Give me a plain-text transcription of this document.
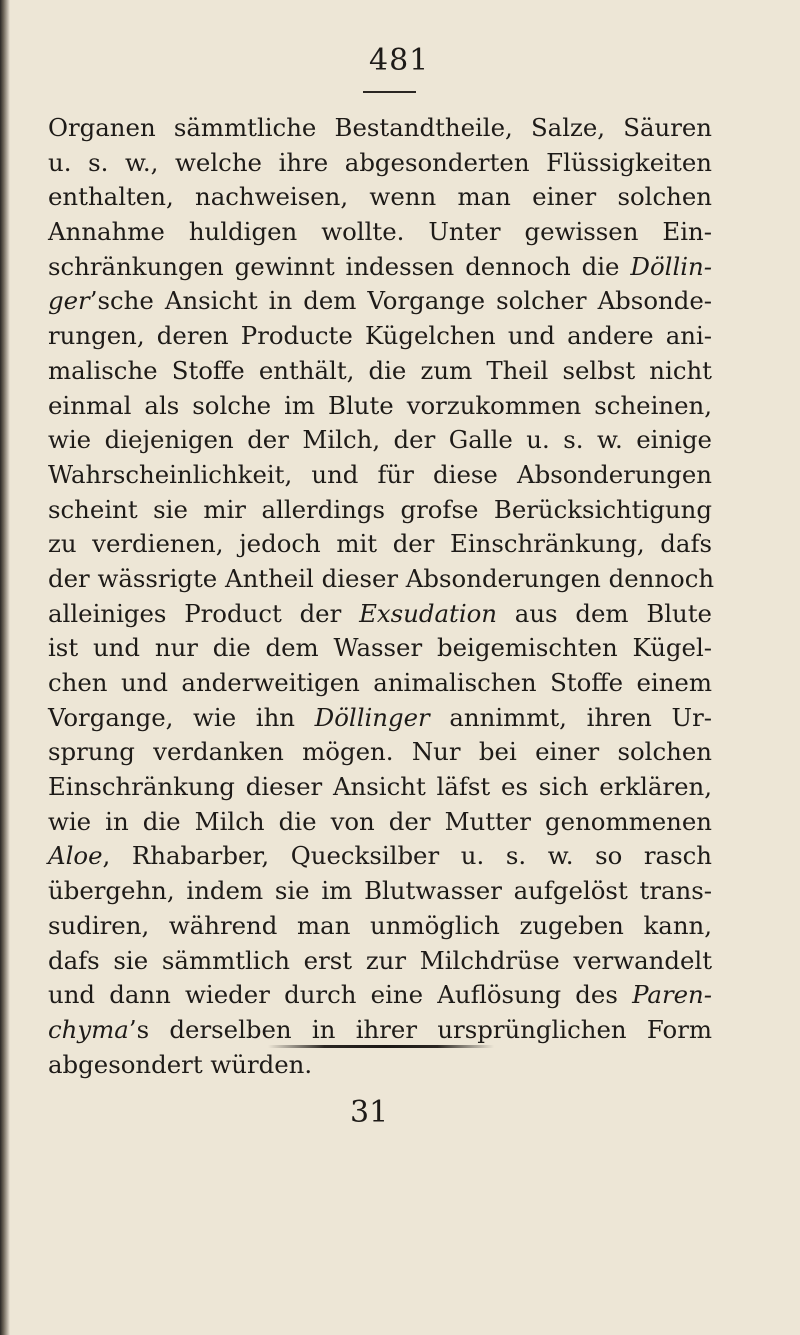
481
Organen sämmtliche Bestandtheile, Salze, Säuren
u. s. w., welche ihre abgesonderten Flüssigkeiten
enthalten, nachweisen, wenn man einer solchen
Annahme huldigen wollte. Unter gewissen Ein-
schränkungen gewinnt indessen dennoch die Döllin-
ger’sche Ansicht in dem Vorgange solcher Absonde-
rungen, deren Producte Kügelchen und andere ani-
malische Stoffe enthält, die zum Theil selbst nicht
einmal als solche im Blute vorzukommen scheinen,
wie diejenigen der Milch, der Galle u. s. w. einige
Wahrscheinlichkeit, und für diese Absonderungen
scheint sie mir allerdings grofse Berücksichtigung
zu verdienen, jedoch mit der Einschränkung, dafs
der wässrigte Antheil dieser Absonderungen dennoch
alleiniges Product der Exsudation aus dem Blute
ist und nur die dem Wasser beigemischten Kügel-
chen und anderweitigen animalischen Stoffe einem
Vorgange, wie ihn Döllinger annimmt, ihren Ur-
sprung verdanken mögen. Nur bei einer solchen
Einschränkung dieser Ansicht läfst es sich erklären,
wie in die Milch die von der Mutter genommenen
Aloe, Rhabarber, Quecksilber u. s. w. so rasch
übergehn, indem sie im Blutwasser aufgelöst trans-
sudiren, während man unmöglich zugeben kann,
dafs sie sämmtlich erst zur Milchdrüse verwandelt
und dann wieder durch eine Auflösung des Paren-
chyma’s derselben in ihrer ursprünglichen Form
abgesondert würden.
31
